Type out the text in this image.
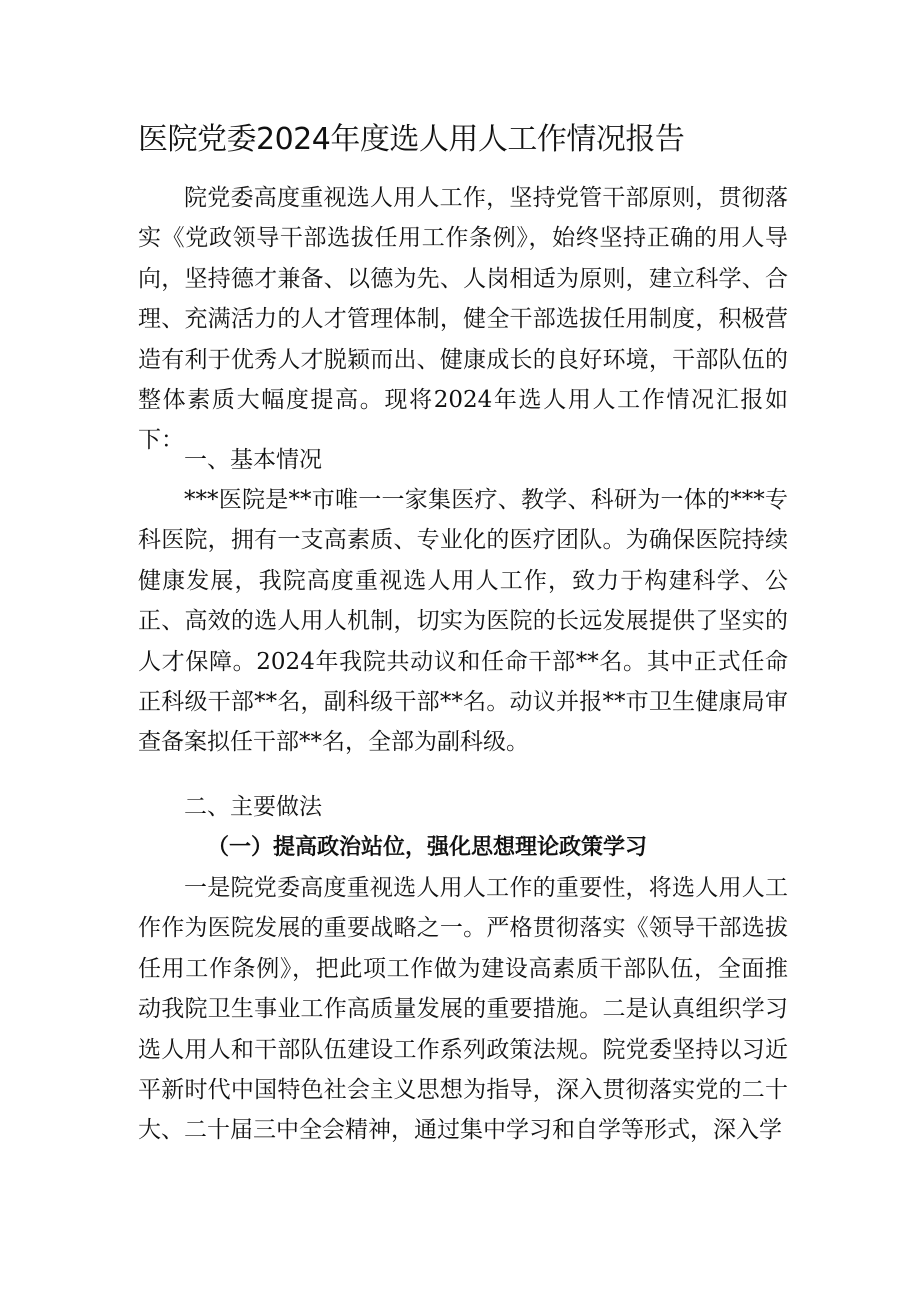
医院党委2024年度选人用人工作情况报告

院党委高度重视选人用人工作，坚持党管干部原则，贯彻落实《党政领导干部选拔任用工作条例》，始终坚持正确的用人导向，坚持德才兼备、以德为先、人岗相适为原则，建立科学、合理、充满活力的人才管理体制，健全干部选拔任用制度，积极营造有利于优秀人才脱颖而出、健康成长的良好环境，干部队伍的整体素质大幅度提高。现将2024年选人用人工作情况汇报如下：

一、基本情况

***医院是**市唯一一家集医疗、教学、科研为一体的***专科医院，拥有一支高素质、专业化的医疗团队。为确保医院持续健康发展，我院高度重视选人用人工作，致力于构建科学、公正、高效的选人用人机制，切实为医院的长远发展提供了坚实的人才保障。2024年我院共动议和任命干部**名。其中正式任命正科级干部**名，副科级干部**名。动议并报**市卫生健康局审查备案拟任干部**名，全部为副科级。

二、主要做法
（一）提高政治站位，强化思想理论政策学习

一是院党委高度重视选人用人工作的重要性，将选人用人工作作为医院发展的重要战略之一。严格贯彻落实《领导干部选拔任用工作条例》，把此项工作做为建设高素质干部队伍，全面推动我院卫生事业工作高质量发展的重要措施。二是认真组织学习选人用人和干部队伍建设工作系列政策法规。院党委坚持以习近平新时代中国特色社会主义思想为指导，深入贯彻落实党的二十大、二十届三中全会精神，通过集中学习和自学等形式，深入学
